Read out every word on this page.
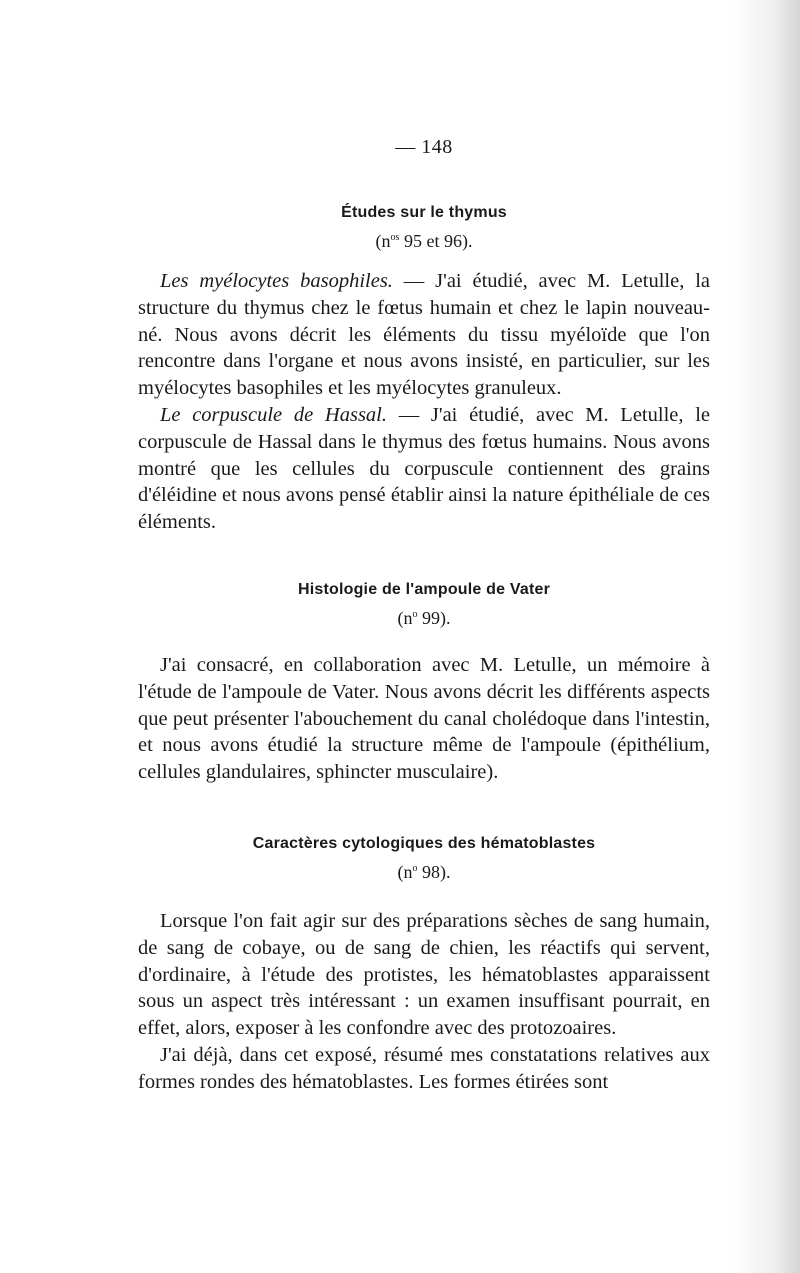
— 148
Études sur le thymus
($n^{os}$ 95 et 96).

Les myélocytes basophiles. — J'ai étudié, avec M. Letulle, la structure du thymus chez le fœtus humain et chez le lapin nouveau-né. Nous avons décrit les éléments du tissu myéloïde que l'on rencontre dans l'organe et nous avons insisté, en particulier, sur les myélocytes basophiles et les myélocytes granuleux.

Le corpuscule de Hassal. — J'ai étudié, avec M. Letulle, le corpuscule de Hassal dans le thymus des fœtus humains. Nous avons montré que les cellules du corpuscule contiennent des grains d'éléidine et nous avons pensé établir ainsi la nature épithéliale de ces éléments.

Histologie de l'ampoule de Vater
($n^o$ 99).

J'ai consacré, en collaboration avec M. Letulle, un mémoire à l'étude de l'ampoule de Vater. Nous avons décrit les différents aspects que peut présenter l'abouchement du canal cholédoque dans l'intestin, et nous avons étudié la structure même de l'ampoule (épithélium, cellules glandulaires, sphincter musculaire).

Caractères cytologiques des hématoblastes
($n^o$ 98).

Lorsque l'on fait agir sur des préparations sèches de sang humain, de sang de cobaye, ou de sang de chien, les réactifs qui servent, d'ordinaire, à l'étude des protistes, les hématoblastes apparaissent sous un aspect très intéressant : un examen insuffisant pourrait, en effet, alors, exposer à les confondre avec des protozoaires.

J'ai déjà, dans cet exposé, résumé mes constatations relatives aux formes rondes des hématoblastes. Les formes étirées sont
